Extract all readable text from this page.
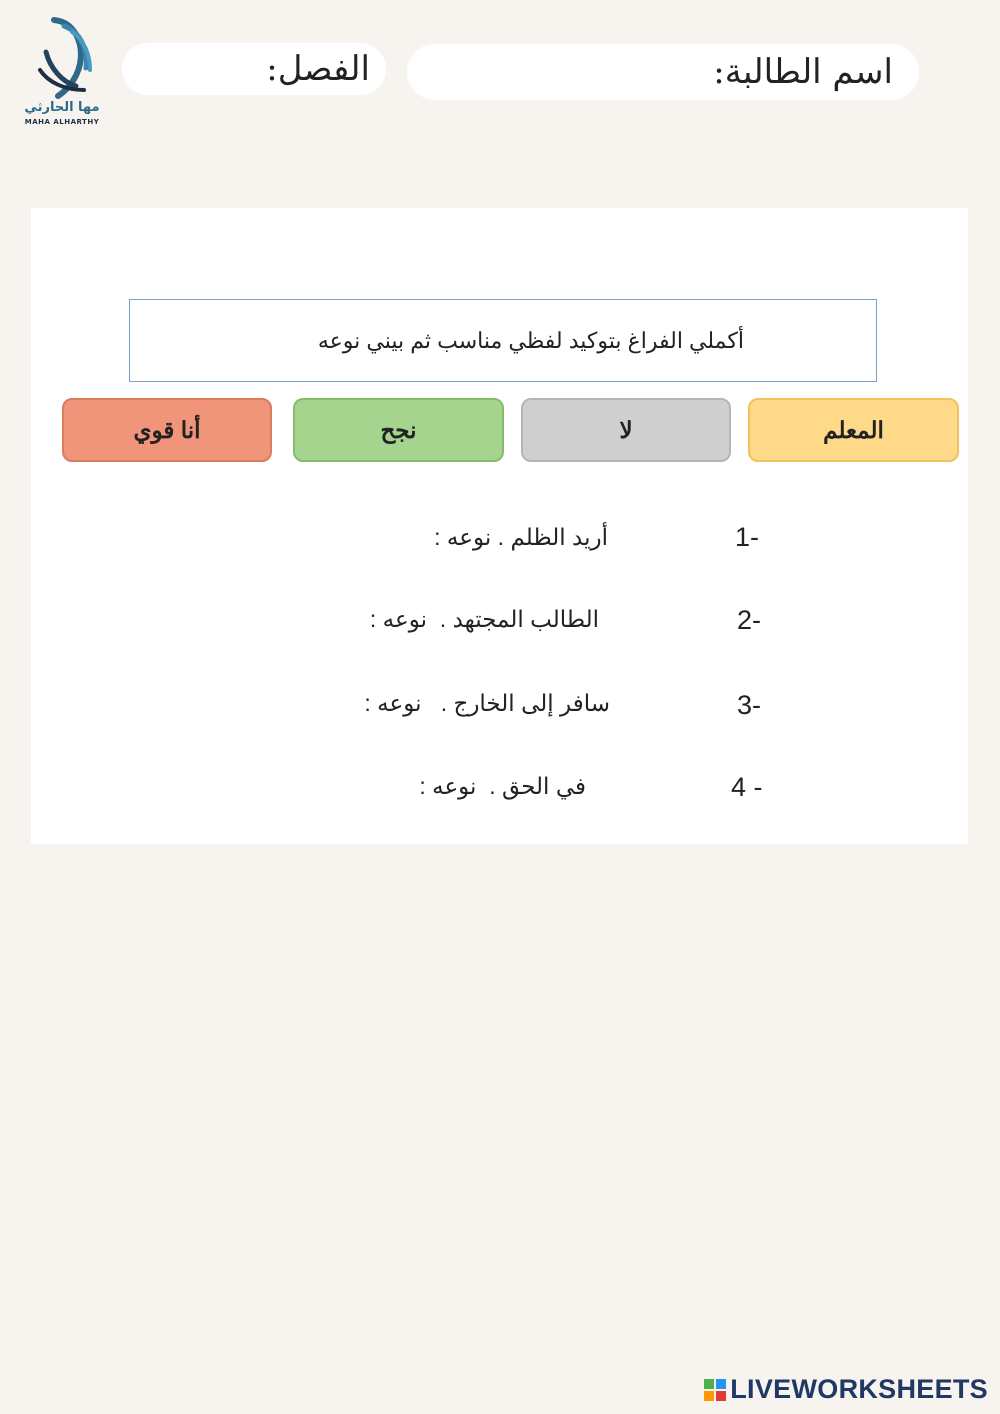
مها الحارثي
MAHA ALHARTHY
اسم الطالبة:
الفصل:
أكملي الفراغ بتوكيد لفظي مناسب ثم بيني نوعه
المعلم
لا
نجح
أنا قوي
1-
أريد الظلم . نوعه :
2-
الطالب المجتهد .  نوعه :
3-
سافر إلى الخارج .   نوعه :
4 -
في الحق .  نوعه :
LIVEWORKSHEETS
